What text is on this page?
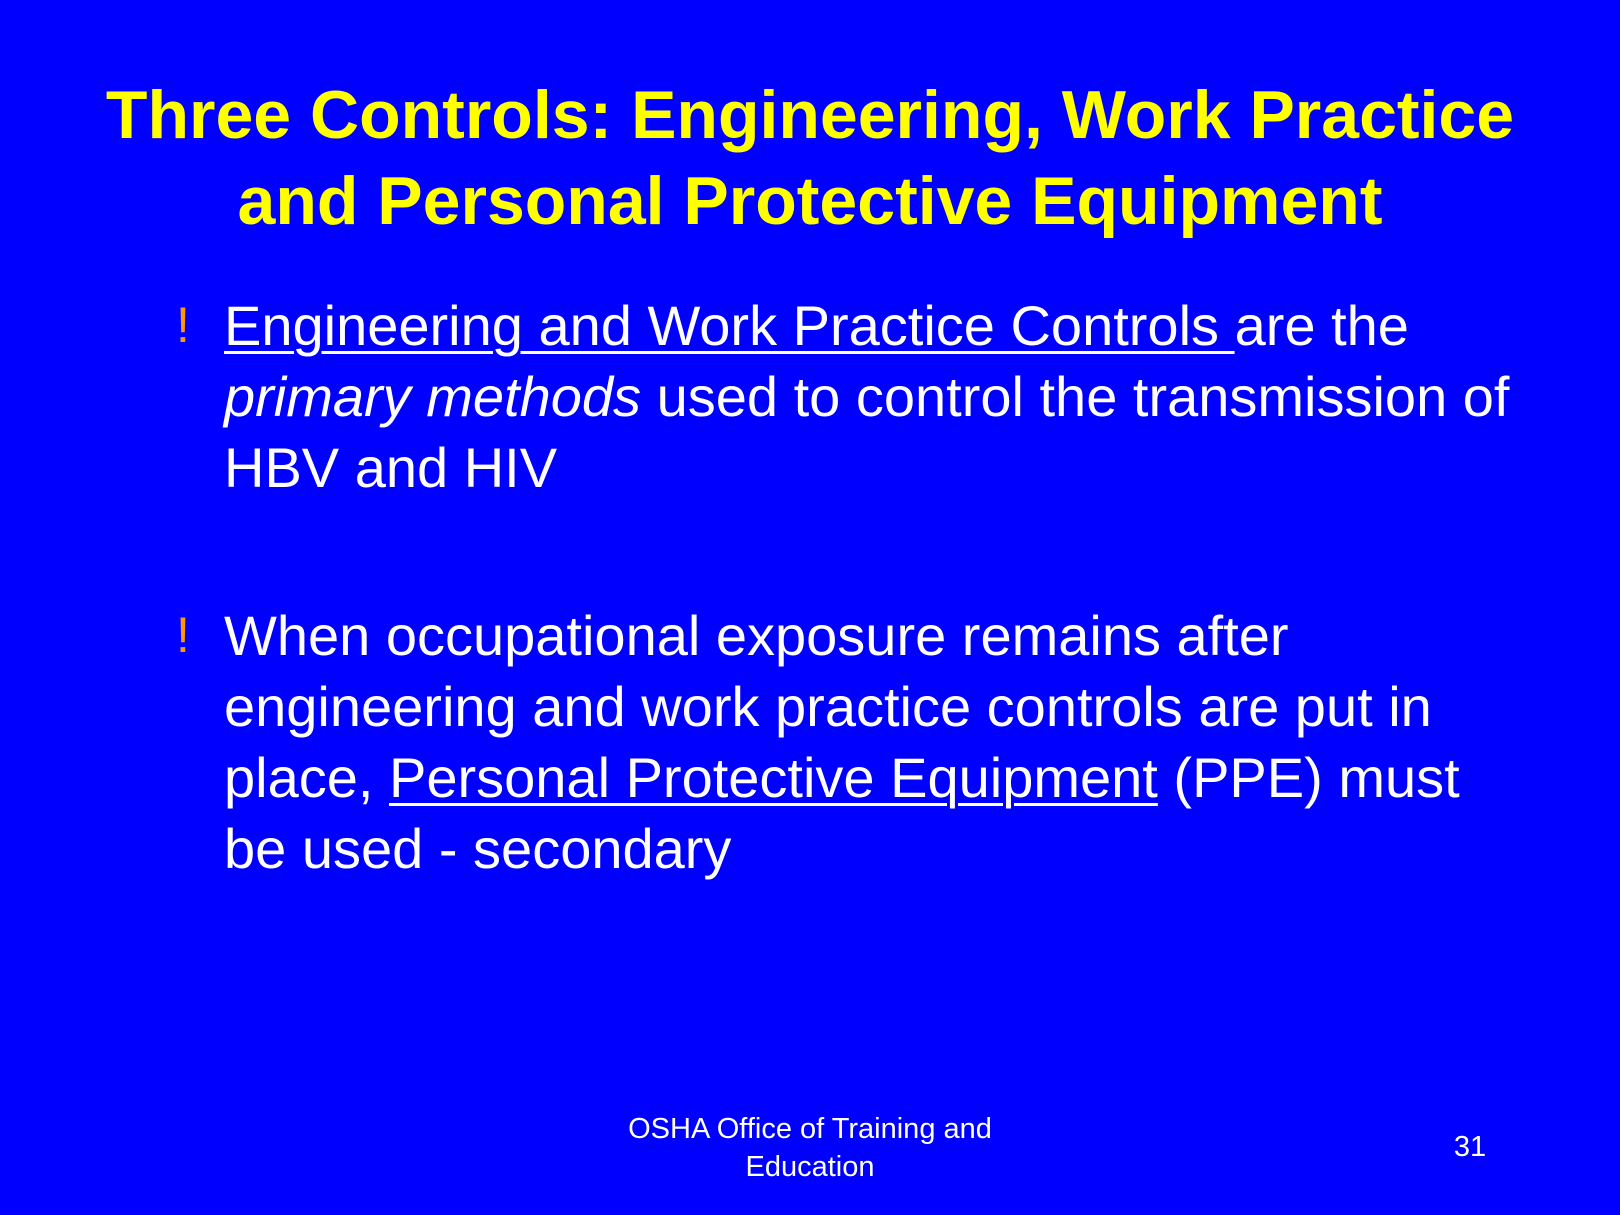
Three Controls: Engineering, Work Practice
and Personal Protective Equipment
! Engineering and Work Practice Controls are the primary methods used to control the transmission of HBV and HIV
! When occupational exposure remains after engineering and work practice controls are put in place, Personal Protective Equipment (PPE) must be used - secondary
OSHA Office of Training and
Education
31
